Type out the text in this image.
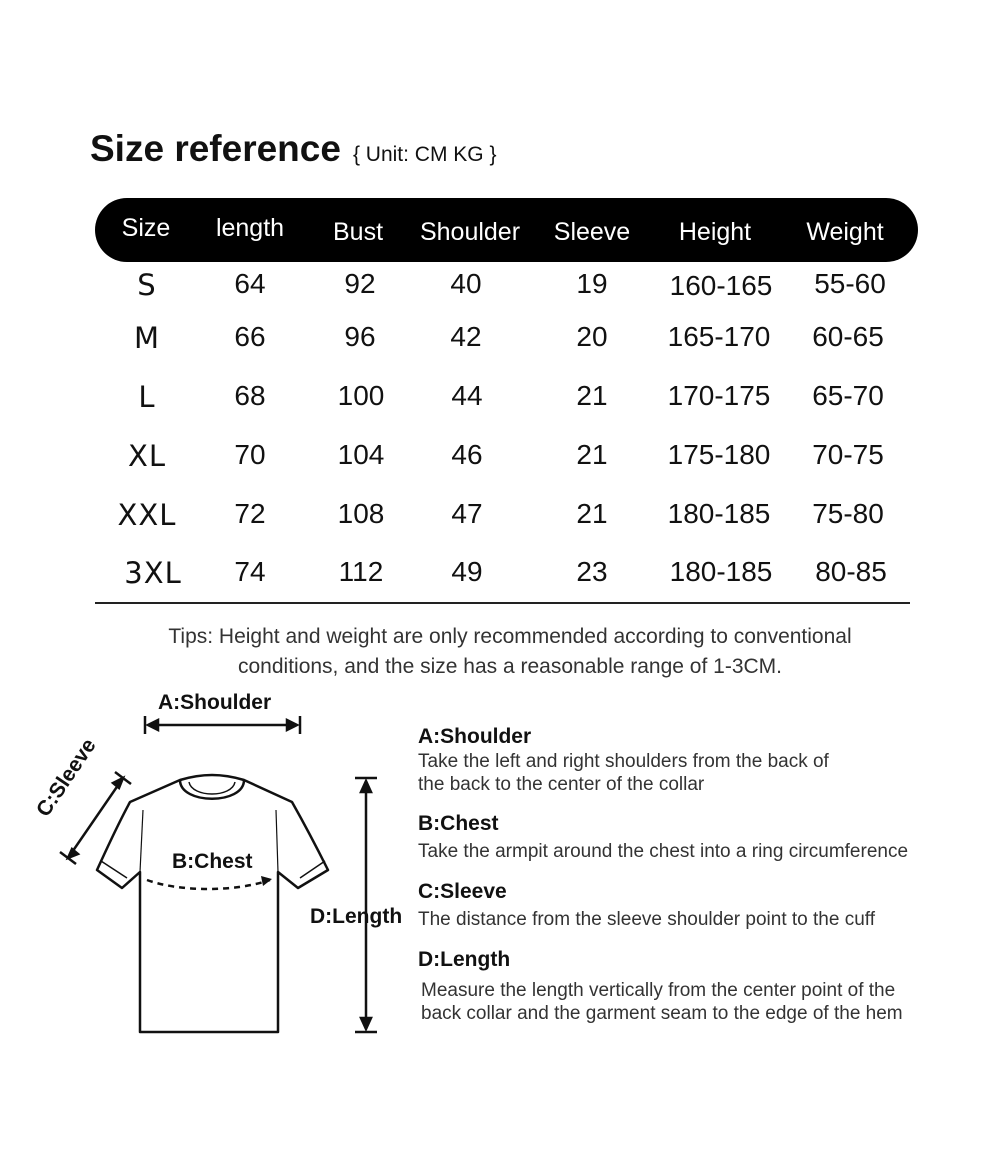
Size reference { Unit: CM KG }
Size length Bust Shoulder Sleeve Height Weight
S	64	92	40	19 160-165 55-60
M	66	96	42	20 165-170 60-65
L	68	100 44	21 170-175 65-70
XL 70	104 46	21 175-180 70-75
XXL 72	108 47	21 180-185 75-80
3XL 74	112 49	23 180-185 80-85
Tips: Height and weight are only recommended according to conventional
conditions, and the size has a reasonable range of 1-3CM.
A:Shoulder
B:Chest
D:Length
C:Sleeve	A:Shoulder
Take the left and right shoulders from the back of
the back to the center of the collar
B:Chest
Take the armpit around the chest into a ring circumference
C:Sleeve
The distance from the sleeve shoulder point to the cuff
D:Length
Measure the length vertically from the center point of the
back collar and the garment seam to the edge of the hem
